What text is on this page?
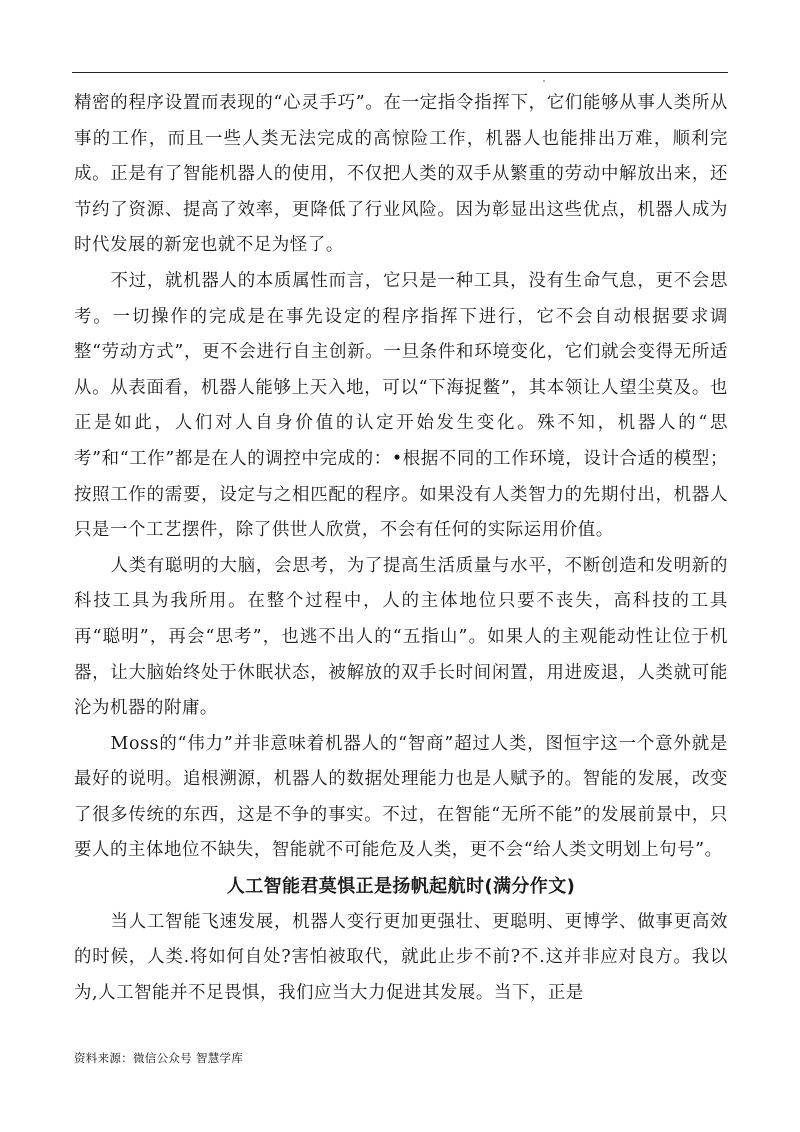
精密的程序设置而表现的“心灵手巧”。在一定指令指挥下，它们能够从事人类所从事的工作，而且一些人类无法完成的高惊险工作，机器人也能排出万难，顺利完成。正是有了智能机器人的使用，不仅把人类的双手从繁重的劳动中解放出来，还节约了资源、提高了效率，更降低了行业风险。因为彰显出这些优点，机器人成为时代发展的新宠也就不足为怪了。

不过，就机器人的本质属性而言，它只是一种工具，没有生命气息，更不会思考。一切操作的完成是在事先设定的程序指挥下进行，它不会自动根据要求调整“劳动方式”，更不会进行自主创新。一旦条件和环境变化，它们就会变得无所适从。从表面看，机器人能够上天入地，可以“下海捉鳖”，其本领让人望尘莫及。也正是如此，人们对人自身价值的认定开始发生变化。殊不知，机器人的“思考”和“工作”都是在人的调控中完成的：•根据不同的工作环境，设计合适的模型；按照工作的需要，设定与之相匹配的程序。如果没有人类智力的先期付出，机器人只是一个工艺摆件，除了供世人欣赏，不会有任何的实际运用价值。

人类有聪明的大脑，会思考，为了提高生活质量与水平，不断创造和发明新的科技工具为我所用。在整个过程中，人的主体地位只要不丧失，高科技的工具再“聪明”，再会“思考”，也逃不出人的“五指山”。如果人的主观能动性让位于机器，让大脑始终处于休眠状态，被解放的双手长时间闲置，用进废退，人类就可能沦为机器的附庸。

Moss的“伟力”并非意味着机器人的“智商”超过人类，图恒宇这一个意外就是最好的说明。追根溯源，机器人的数据处理能力也是人赋予的。智能的发展，改变了很多传统的东西，这是不争的事实。不过，在智能“无所不能”的发展前景中，只要人的主体地位不缺失，智能就不可能危及人类，更不会“给人类文明划上句号”。

人工智能君莫惧正是扬帆起航时(满分作文)

当人工智能飞速发展，机器人变行更加更强壮、更聪明、更博学、做事更高效的时候，人类.将如何自处?害怕被取代，就此止步不前?不.这并非应对良方。我以为,人工智能并不足畏惧，我们应当大力促进其发展。当下，正是

资料来源：微信公众号 智慧学库
